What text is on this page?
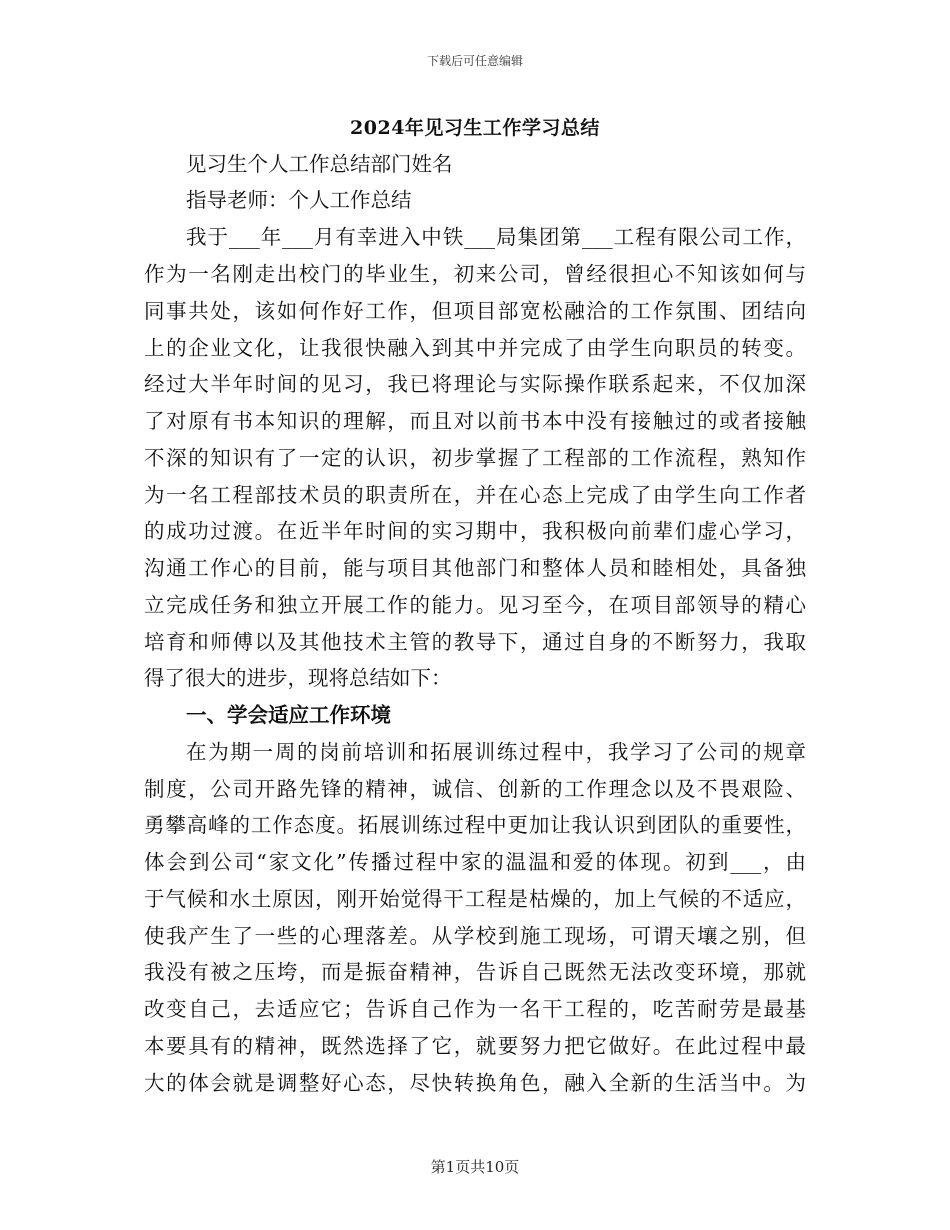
下载后可任意编辑
2024年见习生工作学习总结
见习生个人工作总结部门姓名
指导老师：个人工作总结
我于___年___月有幸进入中铁___局集团第___工程有限公司工作，
作为一名刚走出校门的毕业生，初来公司，曾经很担心不知该如何与
同事共处，该如何作好工作，但项目部宽松融洽的工作氛围、团结向
上的企业文化，让我很快融入到其中并完成了由学生向职员的转变。
经过大半年时间的见习，我已将理论与实际操作联系起来，不仅加深
了对原有书本知识的理解，而且对以前书本中没有接触过的或者接触
不深的知识有了一定的认识，初步掌握了工程部的工作流程，熟知作
为一名工程部技术员的职责所在，并在心态上完成了由学生向工作者
的成功过渡。在近半年时间的实习期中，我积极向前辈们虚心学习，
沟通工作心的目前，能与项目其他部门和整体人员和睦相处，具备独
立完成任务和独立开展工作的能力。见习至今，在项目部领导的精心
培育和师傅以及其他技术主管的教导下，通过自身的不断努力，我取
得了很大的进步，现将总结如下：
一、学会适应工作环境
在为期一周的岗前培训和拓展训练过程中，我学习了公司的规章
制度，公司开路先锋的精神，诚信、创新的工作理念以及不畏艰险、
勇攀高峰的工作态度。拓展训练过程中更加让我认识到团队的重要性，
体会到公司“家文化”传播过程中家的温温和爱的体现。初到___，由
于气候和水土原因，刚开始觉得干工程是枯燥的，加上气候的不适应，
使我产生了一些的心理落差。从学校到施工现场，可谓天壤之别，但
我没有被之压垮，而是振奋精神，告诉自己既然无法改变环境，那就
改变自己，去适应它；告诉自己作为一名干工程的，吃苦耐劳是最基
本要具有的精神，既然选择了它，就要努力把它做好。在此过程中最
大的体会就是调整好心态，尽快转换角色，融入全新的生活当中。为
第1页共10页
